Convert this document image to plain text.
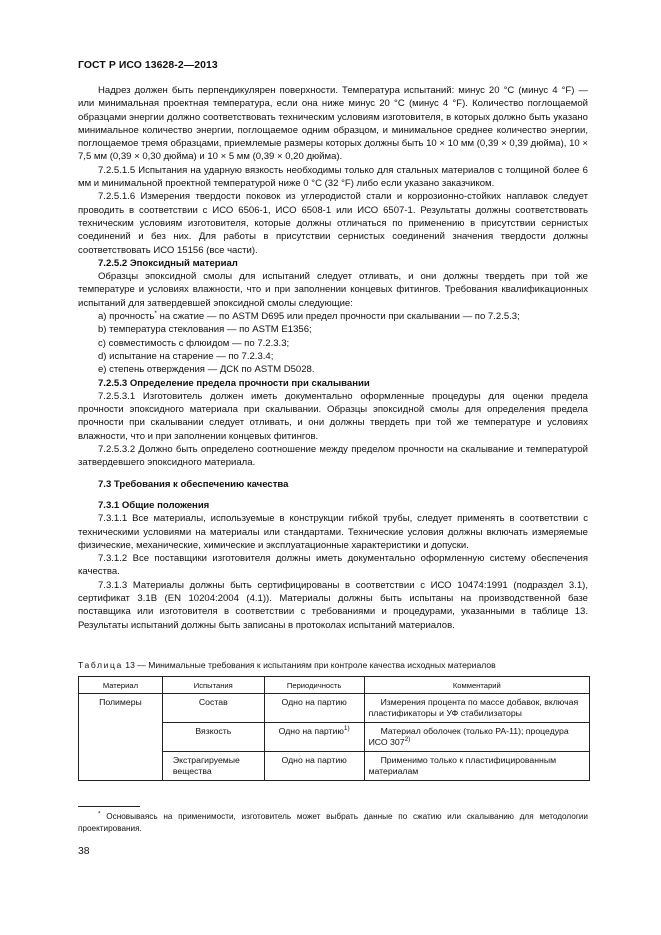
ГОСТ Р ИСО 13628-2—2013

Надрез должен быть перпендикулярен поверхности. Температура испытаний: минус 20 °С (минус 4 °F) — или минимальная проектная температура, если она ниже минус 20 °С (минус 4 °F). Количество поглощаемой образцами энергии должно соответствовать техническим условиям изготовителя, в которых должно быть указано минимальное количество энергии, поглощаемое одним образцом, и минимальное среднее количество энергии, поглощаемое тремя образцами, приемлемые размеры которых должны быть 10 × 10 мм (0,39 × 0,39 дюйма), 10 × 7,5 мм (0,39 × 0,30 дюйма) и 10 × 5 мм (0,39 × 0,20 дюйма).

7.2.5.1.5 Испытания на ударную вязкость необходимы только для стальных материалов с толщиной более 6 мм и минимальной проектной температурой ниже 0 °С (32 °F) либо если указано заказчиком.

7.2.5.1.6 Измерения твердости поковок из углеродистой стали и коррозионно-стойких наплавок следует проводить в соответствии с ИСО 6506-1, ИСО 6508-1 или ИСО 6507-1. Результаты должны соответствовать техническим условиям изготовителя, которые должны отличаться по применению в присутствии сернистых соединений и без них. Для работы в присутствии сернистых соединений значения твердости должны соответствовать ИСО 15156 (все части).

7.2.5.2 Эпоксидный материал

Образцы эпоксидной смолы для испытаний следует отливать, и они должны твердеть при той же температуре и условиях влажности, что и при заполнении концевых фитингов. Требования квалификационных испытаний для затвердевшей эпоксидной смолы следующие:

a) прочность* на сжатие — по ASTM D695 или предел прочности при скалывании — по 7.2.5.3;

b) температура стеклования — по ASTM E1356;

c) совместимость с флюидом — по 7.2.3.3;

d) испытание на старение — по 7.2.3.4;

e) степень отверждения — ДСК по ASTM D5028.

7.2.5.3 Определение предела прочности при скалывании

7.2.5.3.1 Изготовитель должен иметь документально оформленные процедуры для оценки предела прочности эпоксидного материала при скалывании. Образцы эпоксидной смолы для определения предела прочности при скалывании следует отливать, и они должны твердеть при той же температуре и условиях влажности, что и при заполнении концевых фитингов.

7.2.5.3.2 Должно быть определено соотношение между пределом прочности на скалывание и температурой затвердевшего эпоксидного материала.

7.3 Требования к обеспечению качества

7.3.1 Общие положения

7.3.1.1 Все материалы, используемые в конструкции гибкой трубы, следует применять в соответствии с техническими условиями на материалы или стандартами. Технические условия должны включать измеряемые физические, механические, химические и эксплуатационные характеристики и допуски.

7.3.1.2 Все поставщики изготовителя должны иметь документально оформленную систему обеспечения качества.

7.3.1.3 Материалы должны быть сертифицированы в соответствии с ИСО 10474:1991 (подраздел 3.1), сертификат 3.1B (EN 10204:2004 (4.1)). Материалы должны быть испытаны на производственной базе поставщика или изготовителя в соответствии с требованиями и процедурами, указанными в таблице 13. Результаты испытаний должны быть записаны в протоколах испытаний материалов.

Таблица 13 — Минимальные требования к испытаниям при контроле качества исходных материалов
Материал	Испытания	Периодичность	Комментарий
Полимеры	Состав	Одно на партию	Измерения процента по массе добавок, включая пластификаторы и УФ стабилизаторы
	Вязкость	Одно на партию$^{1)}$	Материал оболочек (только PA-11); процедура ИСО 307$^{2)}$
	Экстрагируемые вещества	Одно на партию	Применимо только к пластифицированным материалам

* Основываясь на применимости, изготовитель может выбрать данные по сжатию или скалыванию для методологии проектирования.

38
